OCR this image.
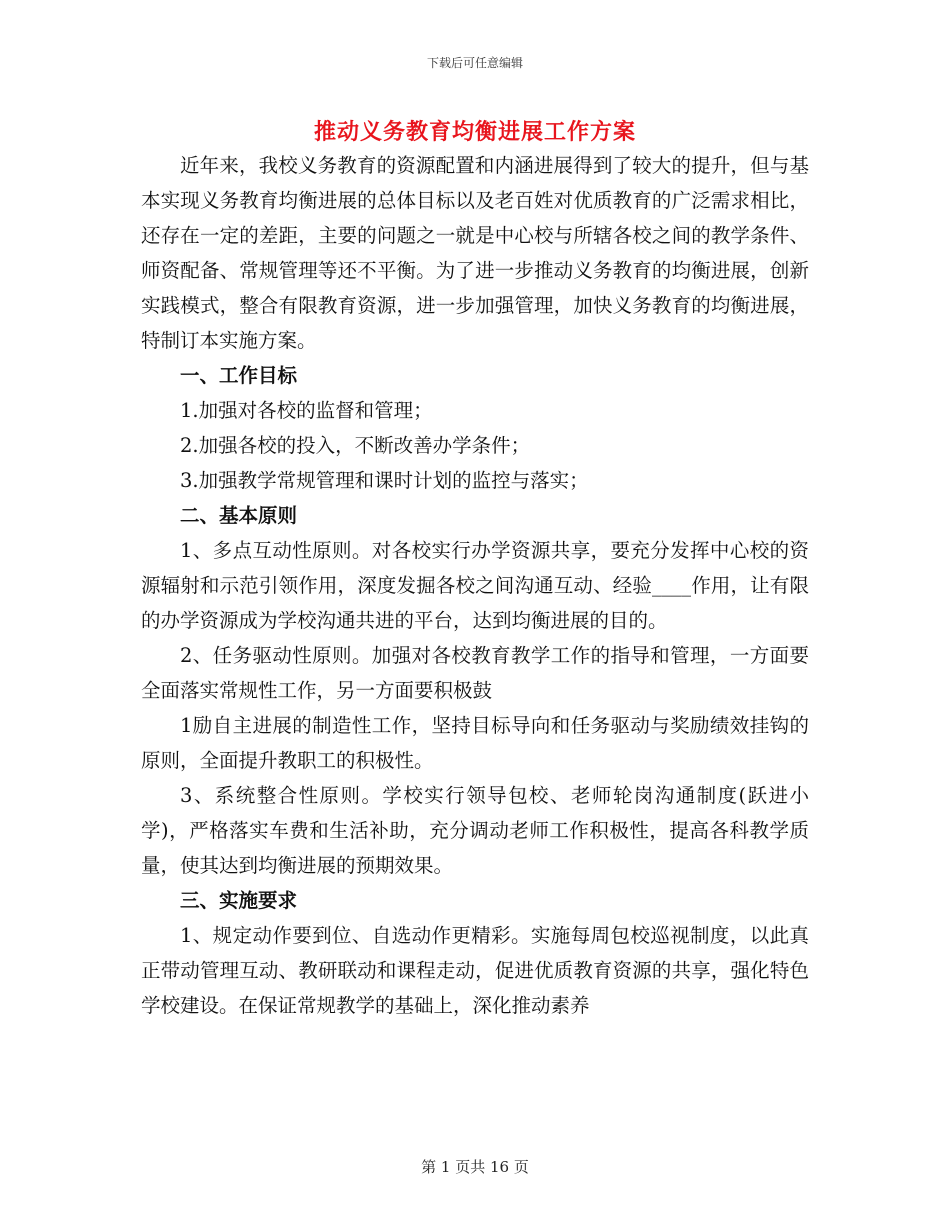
下载后可任意编辑
推动义务教育均衡进展工作方案

近年来，我校义务教育的资源配置和内涵进展得到了较大的提升，但与基本实现义务教育均衡进展的总体目标以及老百姓对优质教育的广泛需求相比，还存在一定的差距，主要的问题之一就是中心校与所辖各校之间的教学条件、师资配备、常规管理等还不平衡。为了进一步推动义务教育的均衡进展，创新实践模式，整合有限教育资源，进一步加强管理，加快义务教育的均衡进展，特制订本实施方案。

一、工作目标

1.加强对各校的监督和管理；

2.加强各校的投入，不断改善办学条件；

3.加强教学常规管理和课时计划的监控与落实；

二、基本原则

1、多点互动性原则。对各校实行办学资源共享，要充分发挥中心校的资源辐射和示范引领作用，深度发掘各校之间沟通互动、经验____作用，让有限的办学资源成为学校沟通共进的平台，达到均衡进展的目的。

2、任务驱动性原则。加强对各校教育教学工作的指导和管理，一方面要全面落实常规性工作，另一方面要积极鼓

1励自主进展的制造性工作，坚持目标导向和任务驱动与奖励绩效挂钩的原则，全面提升教职工的积极性。

3、系统整合性原则。学校实行领导包校、老师轮岗沟通制度(跃进小学)，严格落实车费和生活补助，充分调动老师工作积极性，提高各科教学质量，使其达到均衡进展的预期效果。

三、实施要求

1、规定动作要到位、自选动作更精彩。实施每周包校巡视制度，以此真正带动管理互动、教研联动和课程走动，促进优质教育资源的共享，强化特色学校建设。在保证常规教学的基础上，深化推动素养

第 1 页共 16 页
